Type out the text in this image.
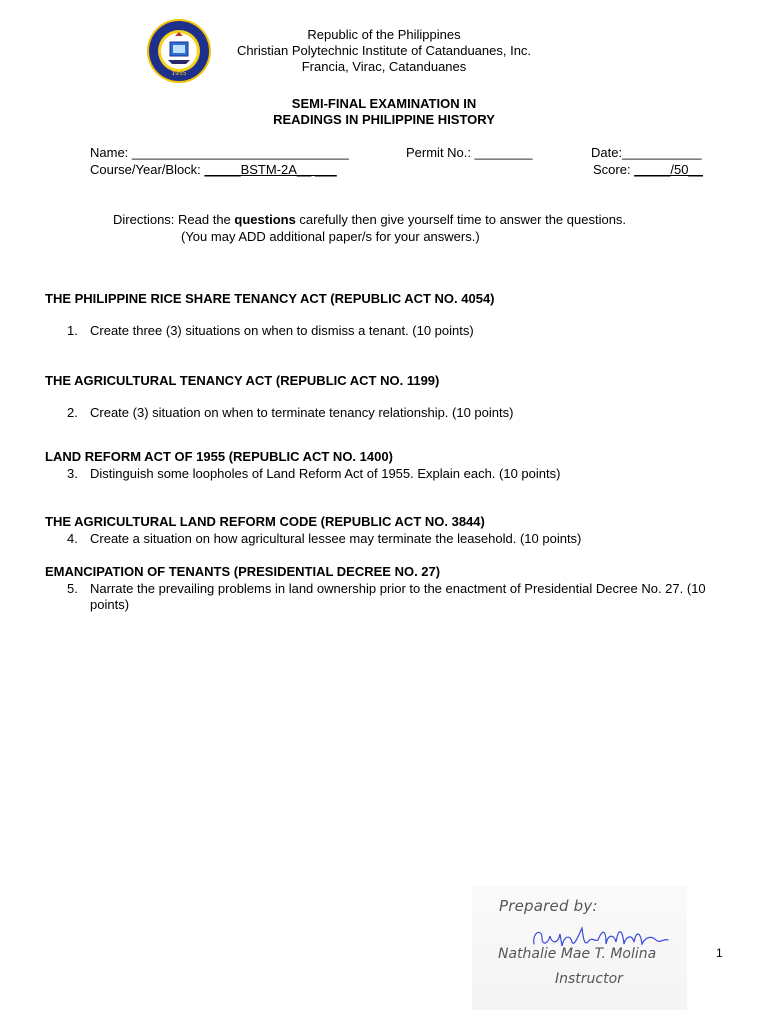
1955
Republic of the Philippines
Christian Polytechnic Institute of Catanduanes, Inc.
Francia, Virac, Catanduanes
SEMI-FINAL EXAMINATION IN
READINGS IN PHILIPPINE HISTORY
Name: ______________________________	Permit No.: ________	Date:___________
Course/Year/Block: _____BSTM-2A__ ___	Score: _____/50__
Directions: Read the questions carefully then give yourself time to answer the questions.
(You may ADD additional paper/s for your answers.)
THE PHILIPPINE RICE SHARE TENANCY ACT (REPUBLIC ACT NO. 4054)
1. Create three (3) situations on when to dismiss a tenant. (10 points)
THE AGRICULTURAL TENANCY ACT (REPUBLIC ACT NO. 1199)
2. Create (3) situation on when to terminate tenancy relationship. (10 points)
LAND REFORM ACT OF 1955 (REPUBLIC ACT NO. 1400)
3. Distinguish some loopholes of Land Reform Act of 1955. Explain each. (10 points)
THE AGRICULTURAL LAND REFORM CODE (REPUBLIC ACT NO. 3844)
4. Create a situation on how agricultural lessee may terminate the leasehold. (10 points)
EMANCIPATION OF TENANTS (PRESIDENTIAL DECREE NO. 27)
5. Narrate the prevailing problems in land ownership prior to the enactment of Presidential Decree No. 27. (10 points)
Prepared by:
Nathalie Mae T. Molina
Instructor
1
